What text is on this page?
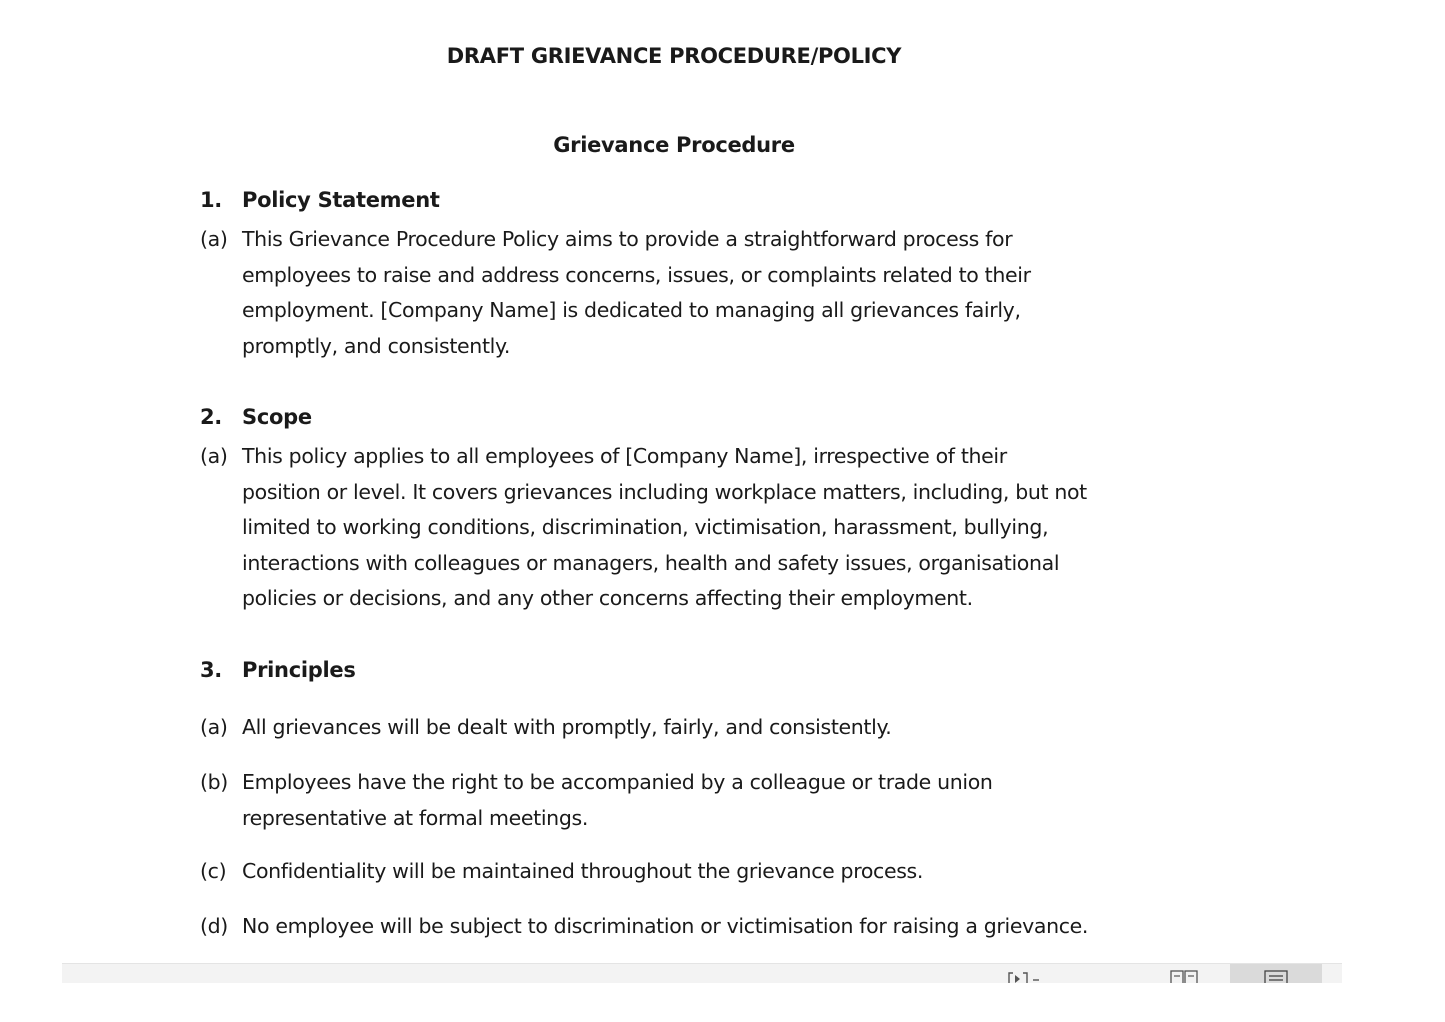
DRAFT GRIEVANCE PROCEDURE/POLICY
Grievance Procedure
1. Policy Statement
(a) This Grievance Procedure Policy aims to provide a straightforward process for
employees to raise and address concerns, issues, or complaints related to their
employment. [Company Name] is dedicated to managing all grievances fairly,
promptly, and consistently.
2. Scope
(a) This policy applies to all employees of [Company Name], irrespective of their
position or level. It covers grievances including workplace matters, including, but not
limited to working conditions, discrimination, victimisation, harassment, bullying,
interactions with colleagues or managers, health and safety issues, organisational
policies or decisions, and any other concerns affecting their employment.
3. Principles
(a) All grievances will be dealt with promptly, fairly, and consistently.
(b) Employees have the right to be accompanied by a colleague or trade union
representative at formal meetings.
(c) Confidentiality will be maintained throughout the grievance process.
(d) No employee will be subject to discrimination or victimisation for raising a grievance.
